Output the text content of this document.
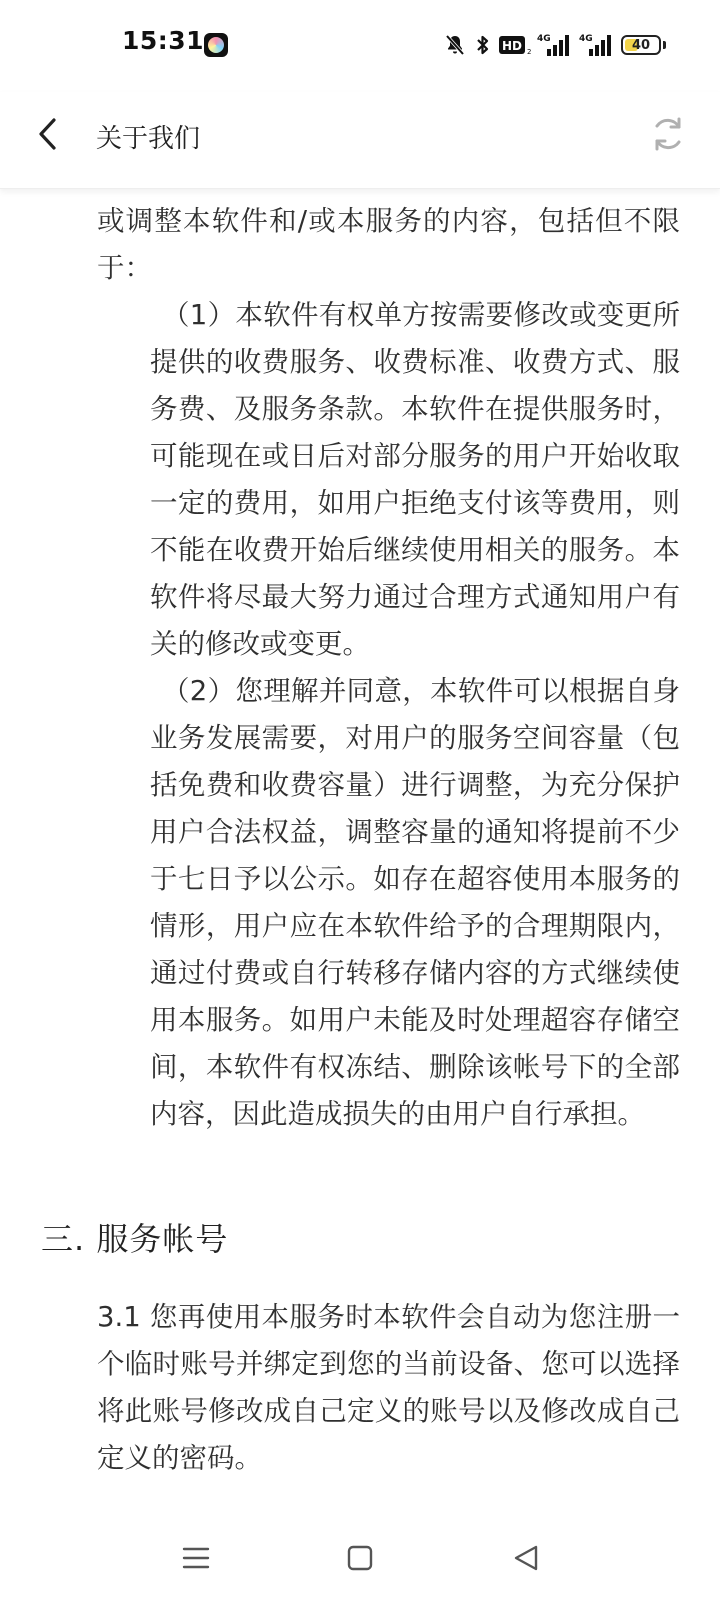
15:31	HD 2
4G	4G	40
关于我们

或调整本软件和/或本服务的内容，包括但不限于：

（1）本软件有权单方按需要修改或变更所提供的收费服务、收费标准、收费方式、服务费、及服务条款。本软件在提供服务时，可能现在或日后对部分服务的用户开始收取一定的费用，如用户拒绝支付该等费用，则不能在收费开始后继续使用相关的服务。本软件将尽最大努力通过合理方式通知用户有关的修改或变更。

（2）您理解并同意，本软件可以根据自身业务发展需要，对用户的服务空间容量（包括免费和收费容量）进行调整，为充分保护用户合法权益，调整容量的通知将提前不少于七日予以公示。如存在超容使用本服务的情形，用户应在本软件给予的合理期限内，通过付费或自行转移存储内容的方式继续使用本服务。如用户未能及时处理超容存储空间，本软件有权冻结、删除该帐号下的全部内容，因此造成损失的由用户自行承担。

三. 服务帐号

3.1 您再使用本服务时本软件会自动为您注册一个临时账号并绑定到您的当前设备、您可以选择将此账号修改成自己定义的账号以及修改成自己定义的密码。
